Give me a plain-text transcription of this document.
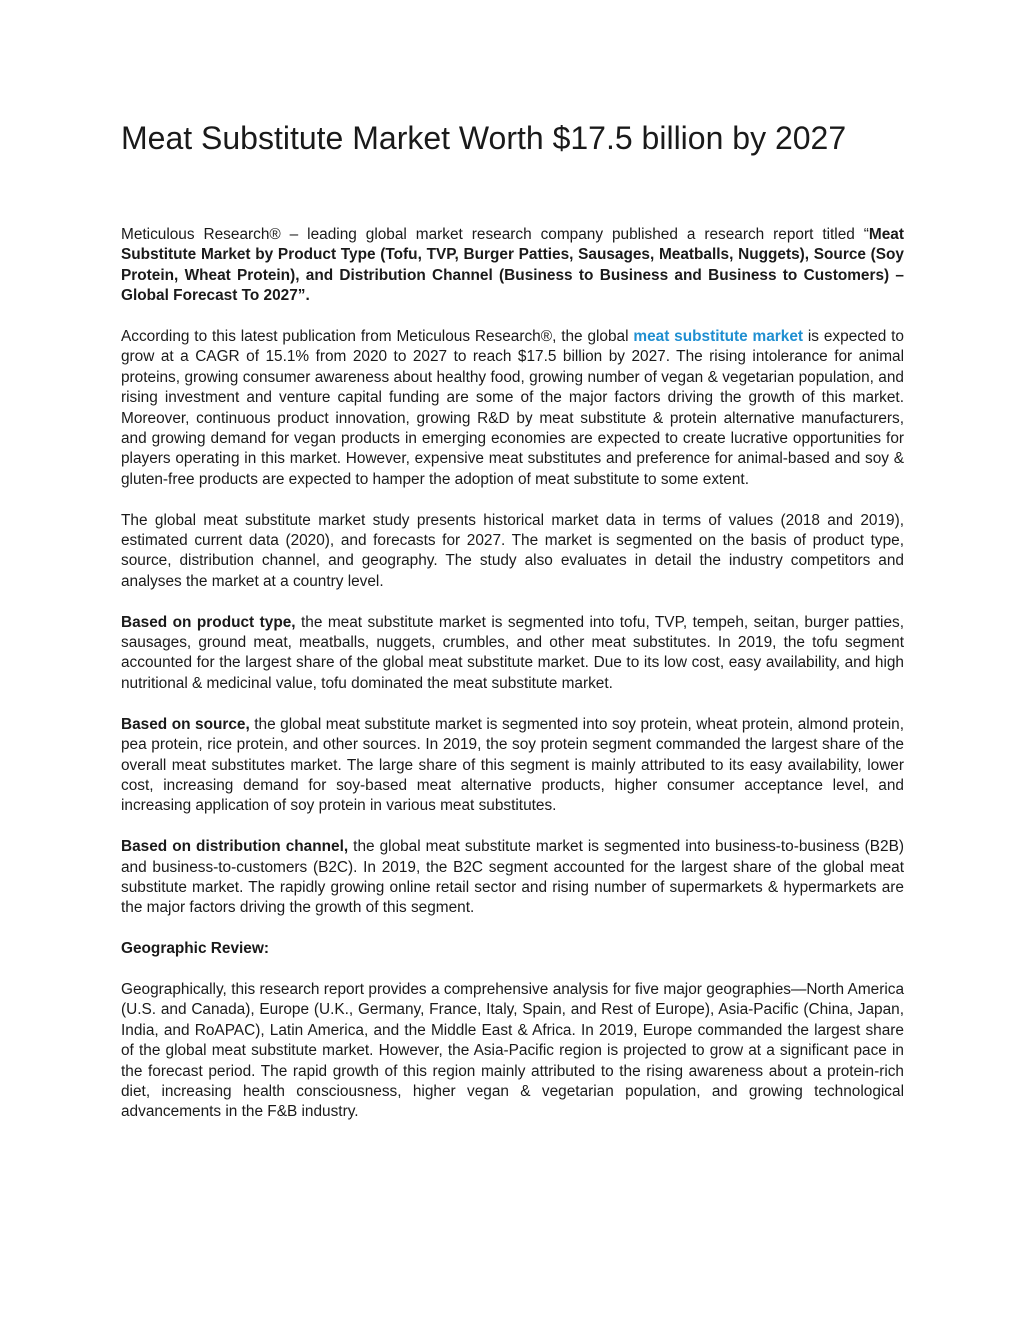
Meat Substitute Market Worth $17.5 billion by 2027

Meticulous Research® – leading global market research company published a research report titled “Meat Substitute Market by Product Type (Tofu, TVP, Burger Patties, Sausages, Meatballs, Nuggets), Source (Soy Protein, Wheat Protein), and Distribution Channel (Business to Business and Business to Customers) – Global Forecast To 2027”.

According to this latest publication from Meticulous Research®, the global meat substitute market is expected to grow at a CAGR of 15.1% from 2020 to 2027 to reach $17.5 billion by 2027. The rising intolerance for animal proteins, growing consumer awareness about healthy food, growing number of vegan & vegetarian population, and rising investment and venture capital funding are some of the major factors driving the growth of this market. Moreover, continuous product innovation, growing R&D by meat substitute & protein alternative manufacturers, and growing demand for vegan products in emerging economies are expected to create lucrative opportunities for players operating in this market. However, expensive meat substitutes and preference for animal-based and soy & gluten-free products are expected to hamper the adoption of meat substitute to some extent.

The global meat substitute market study presents historical market data in terms of values (2018 and 2019), estimated current data (2020), and forecasts for 2027. The market is segmented on the basis of product type, source, distribution channel, and geography. The study also evaluates in detail the industry competitors and analyses the market at a country level.

Based on product type, the meat substitute market is segmented into tofu, TVP, tempeh, seitan, burger patties, sausages, ground meat, meatballs, nuggets, crumbles, and other meat substitutes. In 2019, the tofu segment accounted for the largest share of the global meat substitute market. Due to its low cost, easy availability, and high nutritional & medicinal value, tofu dominated the meat substitute market.

Based on source, the global meat substitute market is segmented into soy protein, wheat protein, almond protein, pea protein, rice protein, and other sources. In 2019, the soy protein segment commanded the largest share of the overall meat substitutes market. The large share of this segment is mainly attributed to its easy availability, lower cost, increasing demand for soy-based meat alternative products, higher consumer acceptance level, and increasing application of soy protein in various meat substitutes.

Based on distribution channel, the global meat substitute market is segmented into business-to-business (B2B) and business-to-customers (B2C). In 2019, the B2C segment accounted for the largest share of the global meat substitute market. The rapidly growing online retail sector and rising number of supermarkets & hypermarkets are the major factors driving the growth of this segment.

Geographic Review:

Geographically, this research report provides a comprehensive analysis for five major geographies—North America (U.S. and Canada), Europe (U.K., Germany, France, Italy, Spain, and Rest of Europe), Asia-Pacific (China, Japan, India, and RoAPAC), Latin America, and the Middle East & Africa. In 2019, Europe commanded the largest share of the global meat substitute market. However, the Asia-Pacific region is projected to grow at a significant pace in the forecast period. The rapid growth of this region mainly attributed to the rising awareness about a protein-rich diet, increasing health consciousness, higher vegan & vegetarian population, and growing technological advancements in the F&B industry.
